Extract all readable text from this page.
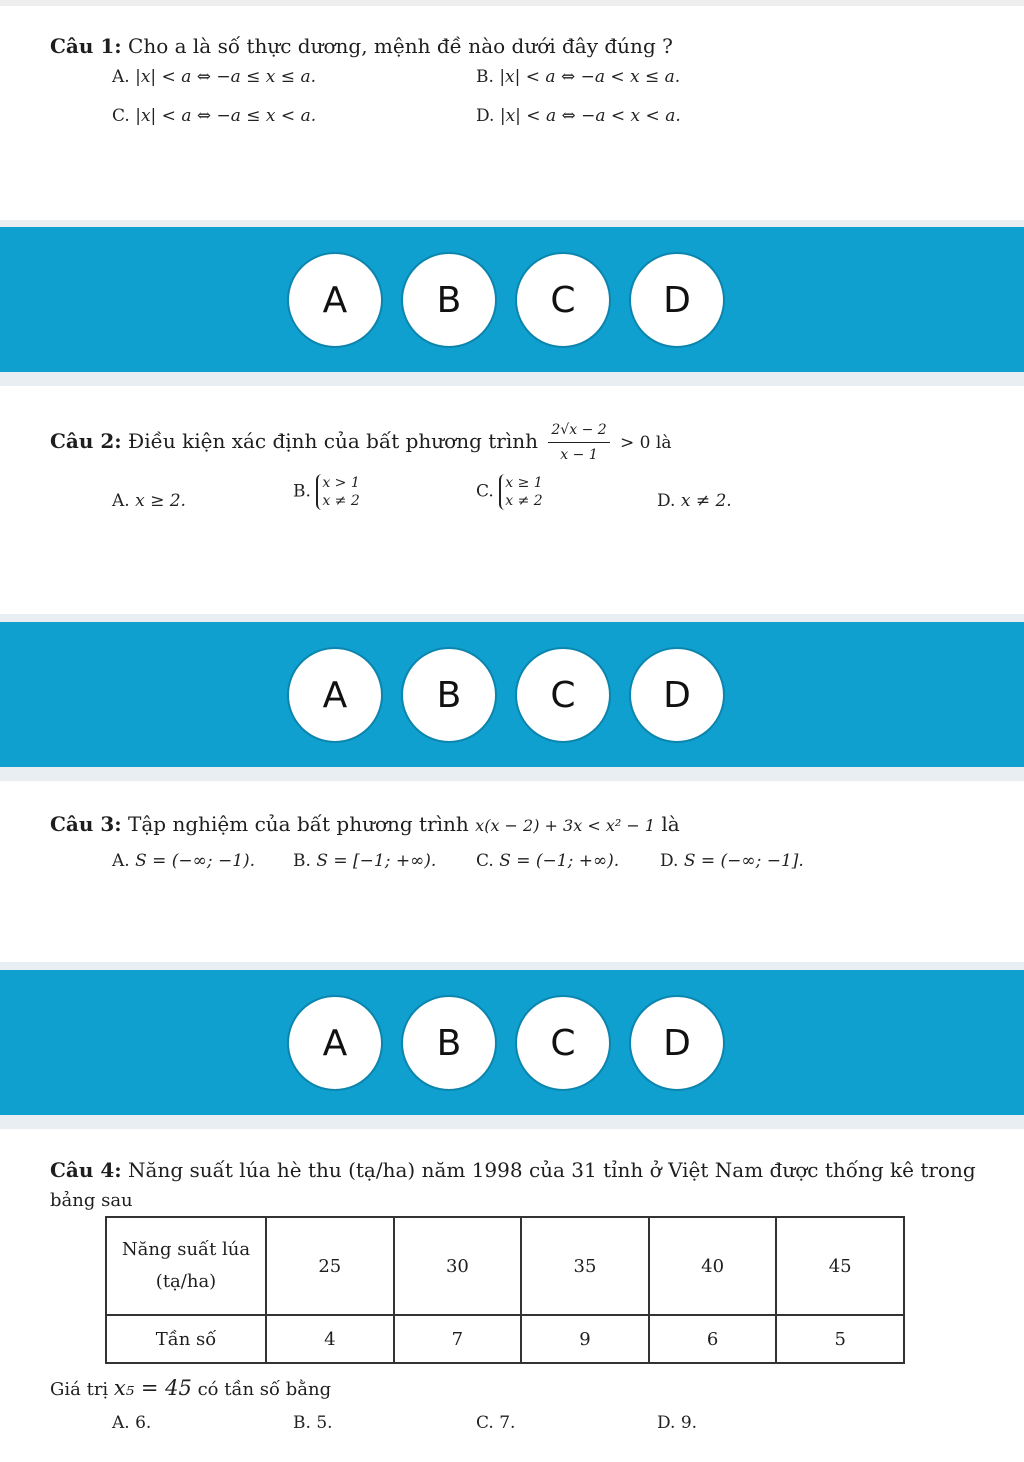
Câu 1: Cho a là số thực dương, mệnh đề nào dưới đây đúng ?
A. |x| < a ⇔ −a ≤ x ≤ a.	B. |x| < a ⇔ −a < x ≤ a.
C. |x| < a ⇔ −a ≤ x < a.	D. |x| < a ⇔ −a < x < a.
A	B	C	D
Câu 2: Điều kiện xác định của bất phương trình $\frac{2√x - 2}{x - 1} > 0$ là
A. x ≥ 2.	B. x > 1
x ≠ 2	C. x ≥ 1
x ≠ 2	D. x ≠ 2.
A	B	C	D
Câu 3: Tập nghiệm của bất phương trình x(x − 2) + 3x < x² − 1 là
A. S = (−∞; −1). B. S = [−1; +∞). C. S = (−1; +∞). D. S = (−∞; −1].
A	B	C	D
Câu 4: Năng suất lúa hè thu (tạ/ha) năm 1998 của 31 tỉnh ở Việt Nam được thống kê trong
bảng sau
Năng suất lúa
(tạ/ha)	25	30	35	40	45
Tần số	4	7	9	6	5
Giá trị x₅ = 45 có tần số bằng
A. 6.	B. 5.	C. 7.	D. 9.
